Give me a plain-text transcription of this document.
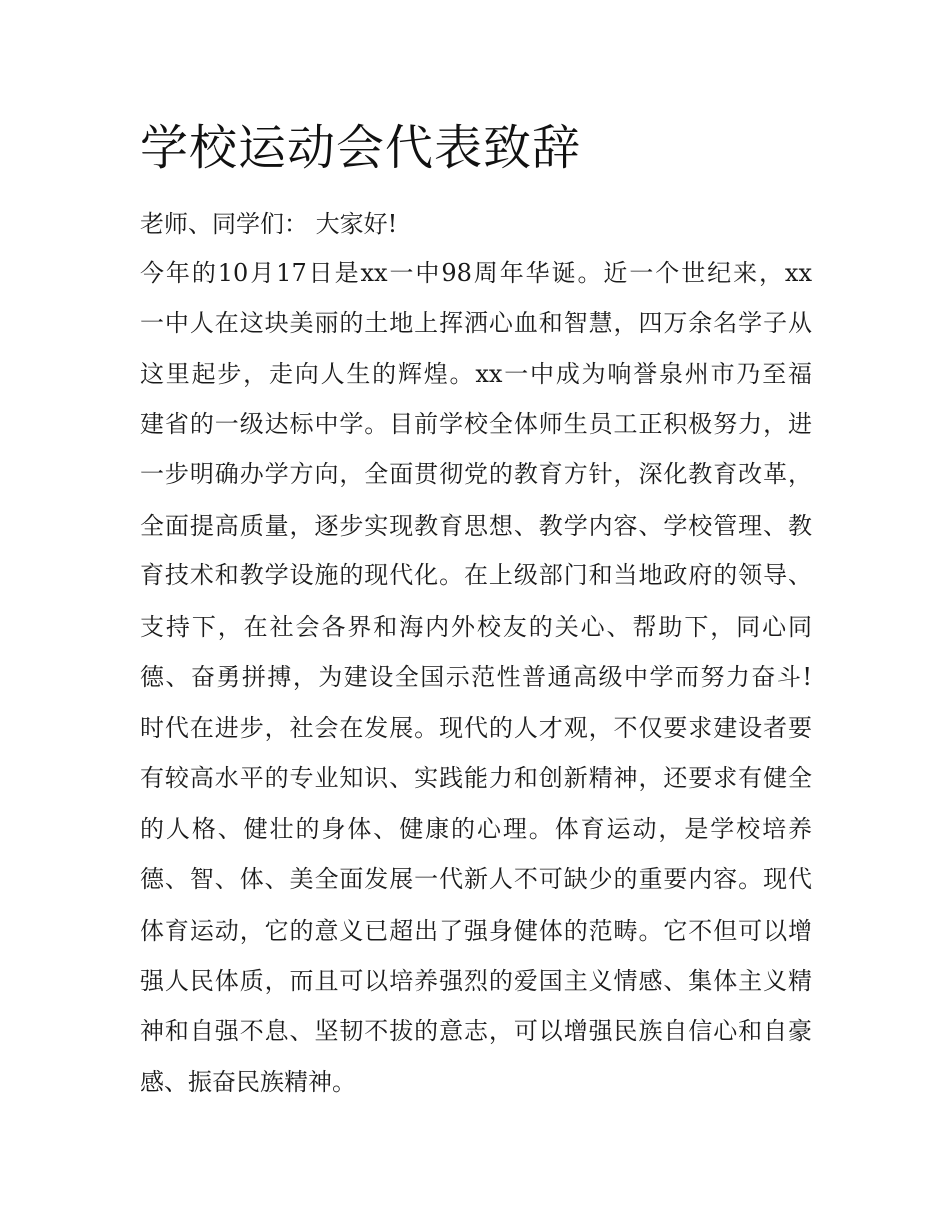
学校运动会代表致辞

老师、同学们： 大家好!

今年的10月17日是xx一中98周年华诞。近一个世纪来，xx

一中人在这块美丽的土地上挥洒心血和智慧，四万余名学子从

这里起步，走向人生的辉煌。xx一中成为响誉泉州市乃至福

建省的一级达标中学。目前学校全体师生员工正积极努力，进

一步明确办学方向，全面贯彻党的教育方针，深化教育改革，

全面提高质量，逐步实现教育思想、教学内容、学校管理、教

育技术和教学设施的现代化。在上级部门和当地政府的领导、

支持下，在社会各界和海内外校友的关心、帮助下，同心同

德、奋勇拼搏，为建设全国示范性普通高级中学而努力奋斗!

时代在进步，社会在发展。现代的人才观，不仅要求建设者要

有较高水平的专业知识、实践能力和创新精神，还要求有健全

的人格、健壮的身体、健康的心理。体育运动，是学校培养

德、智、体、美全面发展一代新人不可缺少的重要内容。现代

体育运动，它的意义已超出了强身健体的范畴。它不但可以增

强人民体质，而且可以培养强烈的爱国主义情感、集体主义精

神和自强不息、坚韧不拔的意志，可以增强民族自信心和自豪

感、振奋民族精神。
